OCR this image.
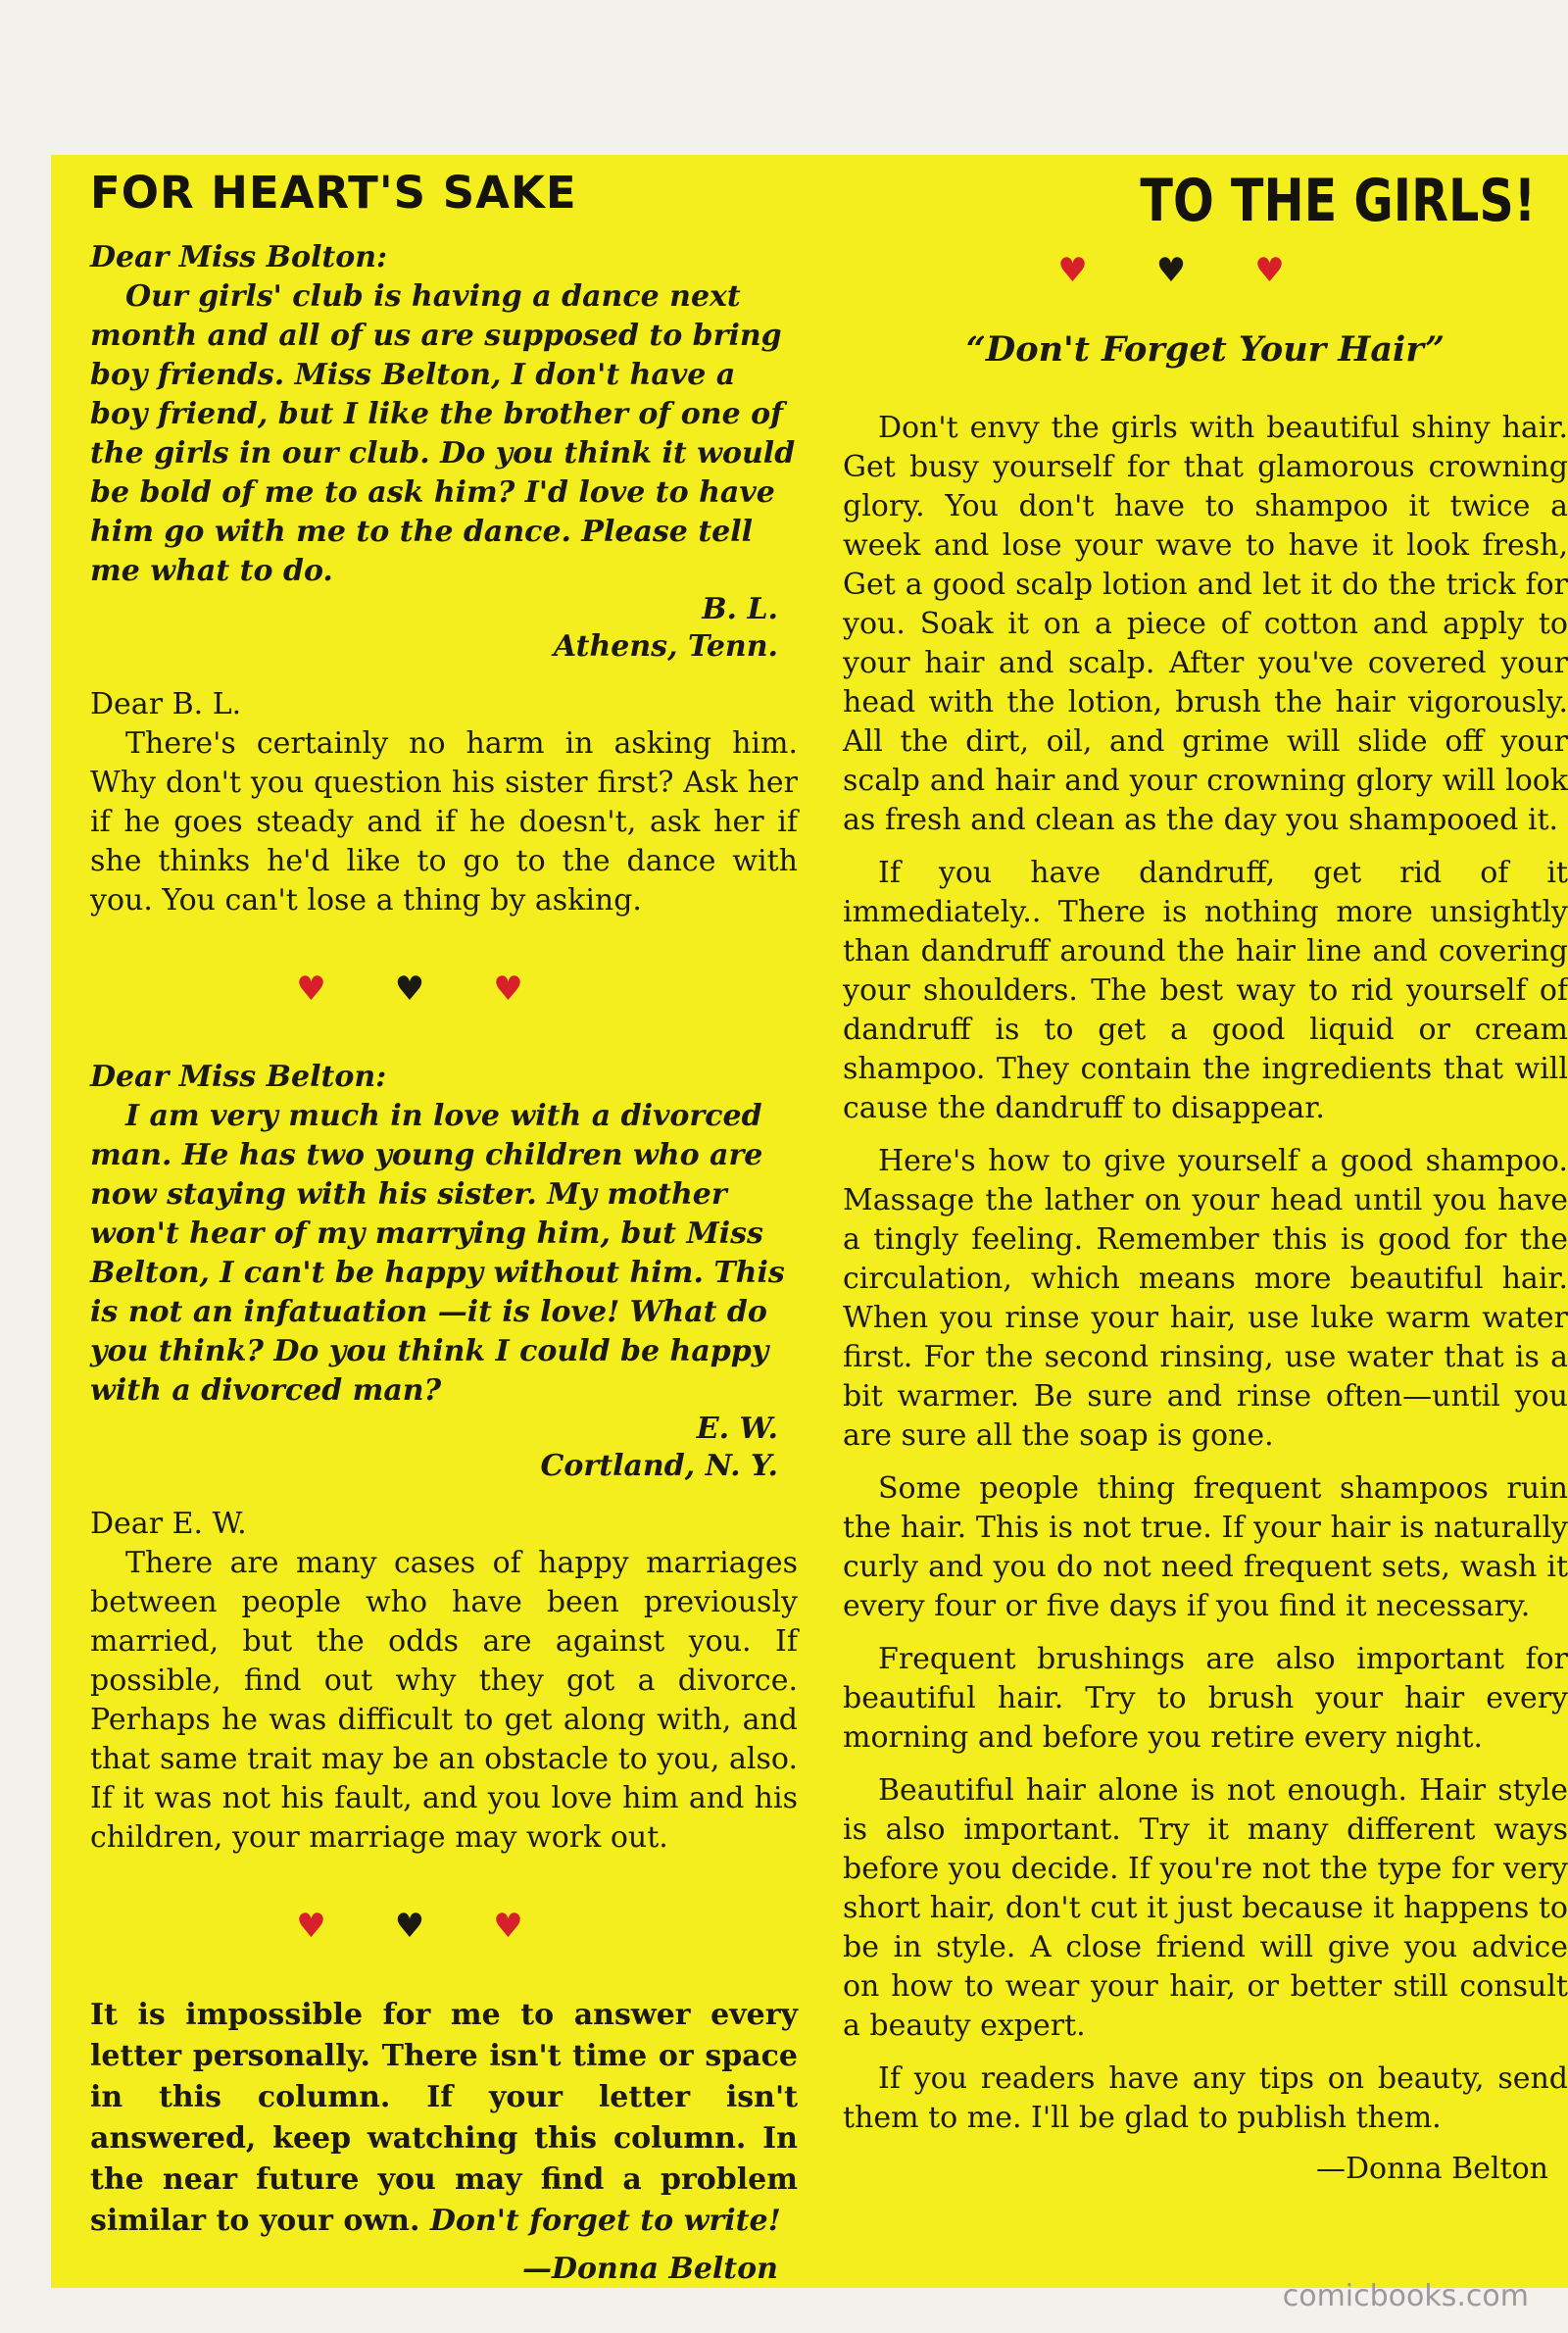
FOR HEART'S SAKE

Dear Miss Bolton:

Our girls' club is having a dance next month and all of us are supposed to bring boy friends. Miss Belton, I don't have a boy friend, but I like the brother of one of the girls in our club. Do you think it would be bold of me to ask him? I'd love to have him go with me to the dance. Please tell me what to do.

B. L.

Athens, Tenn.

Dear B. L.

There's certainly no harm in asking him. Why don't you question his sister first? Ask her if he goes steady and if he doesn't, ask her if she thinks he'd like to go to the dance with you. You can't lose a thing by asking.

♥♥♥

Dear Miss Belton:

I am very much in love with a divorced man. He has two young children who are now staying with his sister. My mother won't hear of my marrying him, but Miss Belton, I can't be happy without him. This is not an infatuation —it is love! What do you think? Do you think I could be happy with a divorced man?

E. W.

Cortland, N. Y.

Dear E. W.

There are many cases of happy marriages between people who have been previously married, but the odds are against you. If possible, find out why they got a divorce. Perhaps he was difficult to get along with, and that same trait may be an obstacle to you, also. If it was not his fault, and you love him and his children, your marriage may work out.

♥♥♥

It is impossible for me to answer every letter personally. There isn't time or space in this column. If your letter isn't answered, keep watching this column. In the near future you may find a problem similar to your own. Don't forget to write!

—Donna Belton

TO THE GIRLS!
♥♥♥

“Don't Forget Your Hair”

Don't envy the girls with beautiful shiny hair. Get busy yourself for that glamorous crowning glory. You don't have to shampoo it twice a week and lose your wave to have it look fresh, Get a good scalp lotion and let it do the trick for you. Soak it on a piece of cotton and apply to your hair and scalp. After you've covered your head with the lotion, brush the hair vigorously. All the dirt, oil, and grime will slide off your scalp and hair and your crowning glory will look as fresh and clean as the day you shampooed it.

If you have dandruff, get rid of it immediately.. There is nothing more unsightly than dandruff around the hair line and covering your shoulders. The best way to rid yourself of dandruff is to get a good liquid or cream shampoo. They contain the ingredients that will cause the dandruff to disappear.

Here's how to give yourself a good shampoo. Massage the lather on your head until you have a tingly feeling. Remember this is good for the circulation, which means more beautiful hair. When you rinse your hair, use luke warm water first. For the second rinsing, use water that is a bit warmer. Be sure and rinse often—until you are sure all the soap is gone.

Some people thing frequent shampoos ruin the hair. This is not true. If your hair is naturally curly and you do not need frequent sets, wash it every four or five days if you find it necessary.

Frequent brushings are also important for beautiful hair. Try to brush your hair every morning and before you retire every night.

Beautiful hair alone is not enough. Hair style is also important. Try it many different ways before you decide. If you're not the type for very short hair, don't cut it just because it happens to be in style. A close friend will give you advice on how to wear your hair, or better still consult a beauty expert.

If you readers have any tips on beauty, send them to me. I'll be glad to publish them.

—Donna Belton

comicbooks.com
